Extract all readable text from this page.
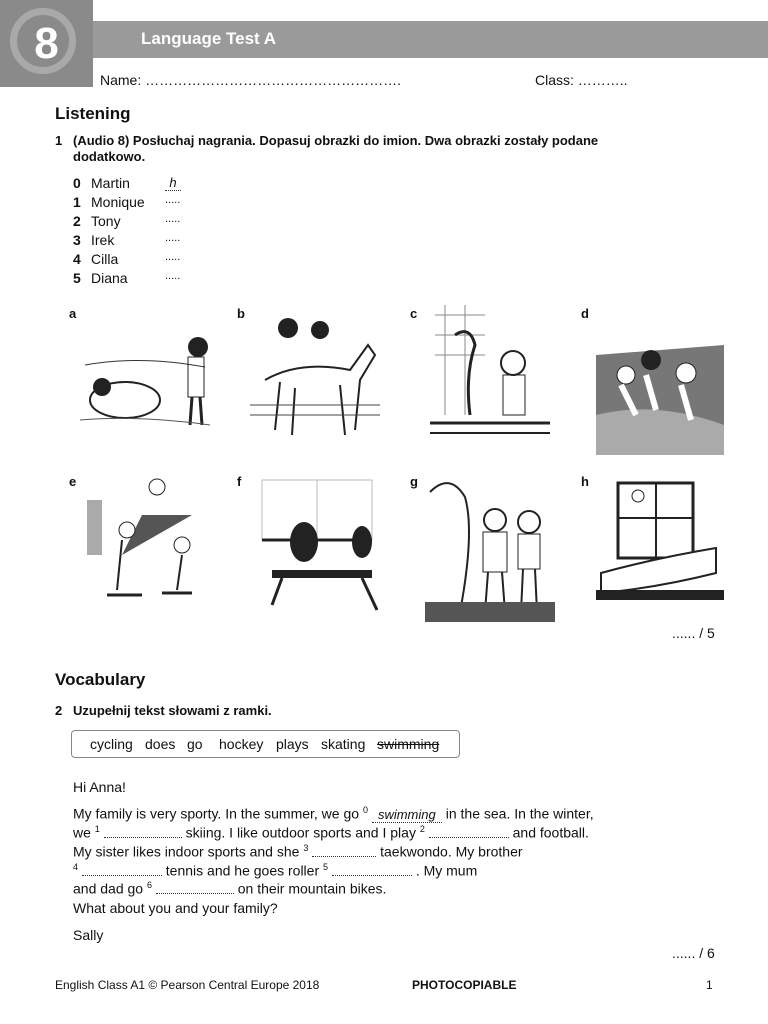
8	Language Test A
Name: ……………………………………………….	Class: ………..
Listening
1 (Audio 8) Posłuchaj nagrania. Dopasuj obrazki do imion. Dwa obrazki zostały podane
dodatkowo.
0 Martin	h
1 Monique .....
2 Tony	.....
3 Irek	.....
4 Cilla	.....
5 Diana	.....
a	b	c	d
e	f	g	h
...... / 5
Vocabulary
2 Uzupełnij tekst słowami z ramki.
cycling does go hockey plays skating swimming
Hi Anna!
My family is very sporty. In the summer, we go $^0$ swimming in the sea. In the winter,
we $^1$	skiing. I like outdoor sports and I play $^2$	and football.
My sister likes indoor sports and she $^3$	taekwondo. My brother
$^4$	tennis and he goes roller $^5$	. My mum
and dad go $^6$	on their mountain bikes.
What about you and your family?
Sally
...... / 6
English Class A1 © Pearson Central Europe 2018	PHOTOCOPIABLE	1
